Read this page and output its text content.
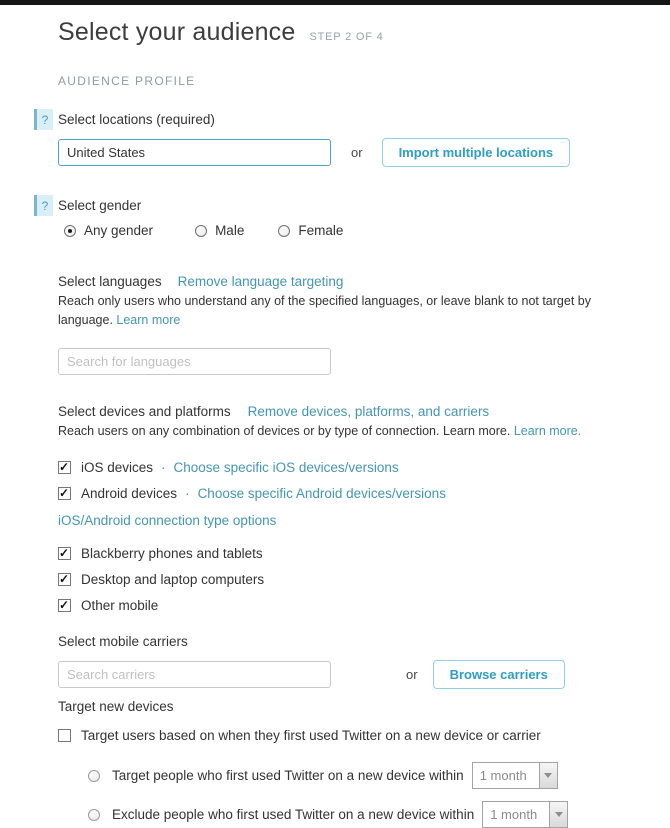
Select your audience STEP 2 OF 4
AUDIENCE PROFILE
? Select locations (required)
United States
or	Import multiple locations
? Select gender
Any gender	Male	Female
Select languages Remove language targeting
Reach only users who understand any of the specified languages, or leave blank to not target by language. Learn more
Search for languages
Select devices and platforms Remove devices, platforms, and carriers
Reach users on any combination of devices or by type of connection. Learn more. Learn more.
✓
iOS devices · Choose specific iOS devices/versions
✓
Android devices · Choose specific Android devices/versions
iOS/Android connection type options
✓
Blackberry phones and tablets
✓
Desktop and laptop computers
✓
Other mobile
Select mobile carriers
Search carriers
or	Browse carriers
Target new devices
Target users based on when they first used Twitter on a new device or carrier
Target people who first used Twitter on a new device within	1 month
Exclude people who first used Twitter on a new device within	1 month
